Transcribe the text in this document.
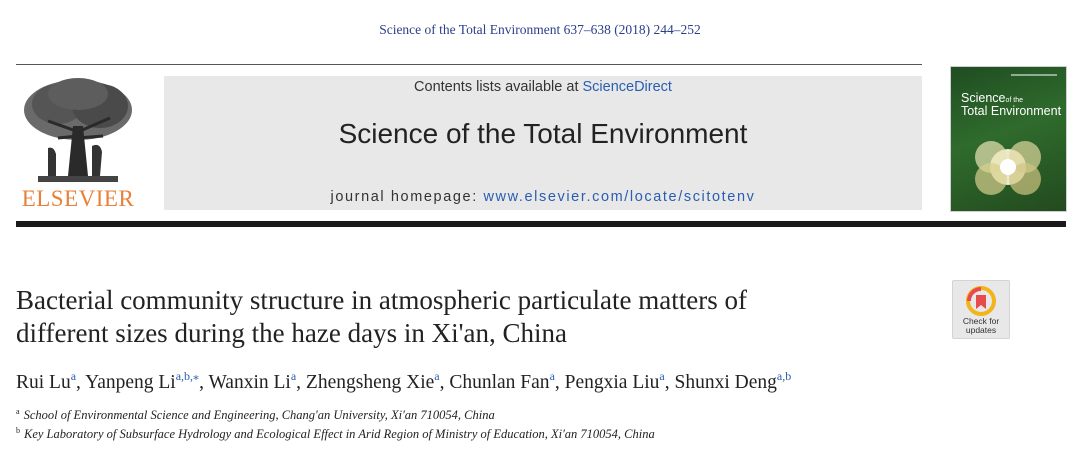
Science of the Total Environment 637–638 (2018) 244–252
ELSEVIER
Contents lists available at ScienceDirect
Science of the Total Environment
journal homepage: www.elsevier.com/locate/scitotenv
Scienceof the
Total Environment
Check for
updates
Bacterial community structure in atmospheric particulate matters of
different sizes during the haze days in Xi'an, China
Rui Lu$^a$, Yanpeng $Li^{a,b,⁎}$, Wanxin Li$^a$, Zhengsheng Xie$^a$, Chunlan Fan$^a$, Pengxia Liu$^a$, Shunxi Deng$^{a,b}$
$^a$ School of Environmental Science and Engineering, Chang'an University, Xi'an 710054, China
$^b$ Key Laboratory of Subsurface Hydrology and Ecological Effect in Arid Region of Ministry of Education, Xi'an 710054, China
